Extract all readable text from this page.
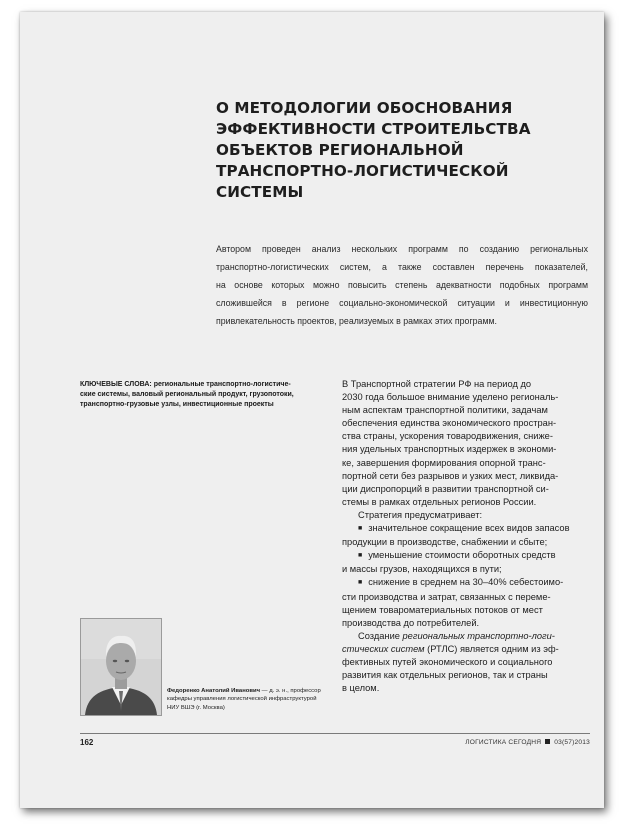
О МЕТОДОЛОГИИ ОБОСНОВАНИЯ
ЭФФЕКТИВНОСТИ СТРОИТЕЛЬСТВА
ОБЪЕКТОВ РЕГИОНАЛЬНОЙ
ТРАНСПОРТНО-ЛОГИСТИЧЕСКОЙ
СИСТЕМЫ

Автором проведен анализ нескольких программ по созданию региональных
транспортно-логистических систем, а также составлен перечень показателей,
на основе которых можно повысить степень адекватности подобных программ
сложившейся в регионе социально-экономической ситуации и инвестиционную
привлекательность проектов, реализуемых в рамках этих программ.

КЛЮЧЕВЫЕ СЛОВА: региональные транспортно-логистиче-
ские системы, валовый региональный продукт, грузопотоки,
транспортно-грузовые узлы, инвестиционные проекты

В Транспортной стратегии РФ на период до
2030 года большое внимание уделено региональ-
ным аспектам транспортной политики, задачам
обеспечения единства экономического простран-
ства страны, ускорения товародвижения, сниже-
ния удельных транспортных издержек в экономи-
ке, завершения формирования опорной транс-
портной сети без разрывов и узких мест, ликвида-
ции диспропорций в развитии транспортной си-
стемы в рамках отдельных регионов России.
Стратегия предусматривает:
■ значительное сокращение всех видов запасов
продукции в производстве, снабжении и сбыте;
■ уменьшение стоимости оборотных средств
и массы грузов, находящихся в пути;
■ снижение в среднем на 30–40% себестоимо-
сти производства и затрат, связанных с переме-
щением товароматериальных потоков от мест
производства до потребителей.
Создание региональных транспортно-логи-
стических систем (РТЛС) является одним из эф-
фективных путей экономического и социального
развития как отдельных регионов, так и страны
в целом.
Федоренко Анатолий Иванович — д. э. н., профессор
кафедры управления логистической инфраструктурой
НИУ ВШЭ (г. Москва)
162	ЛОГИСТИКА СЕГОДНЯ 03(57)2013
